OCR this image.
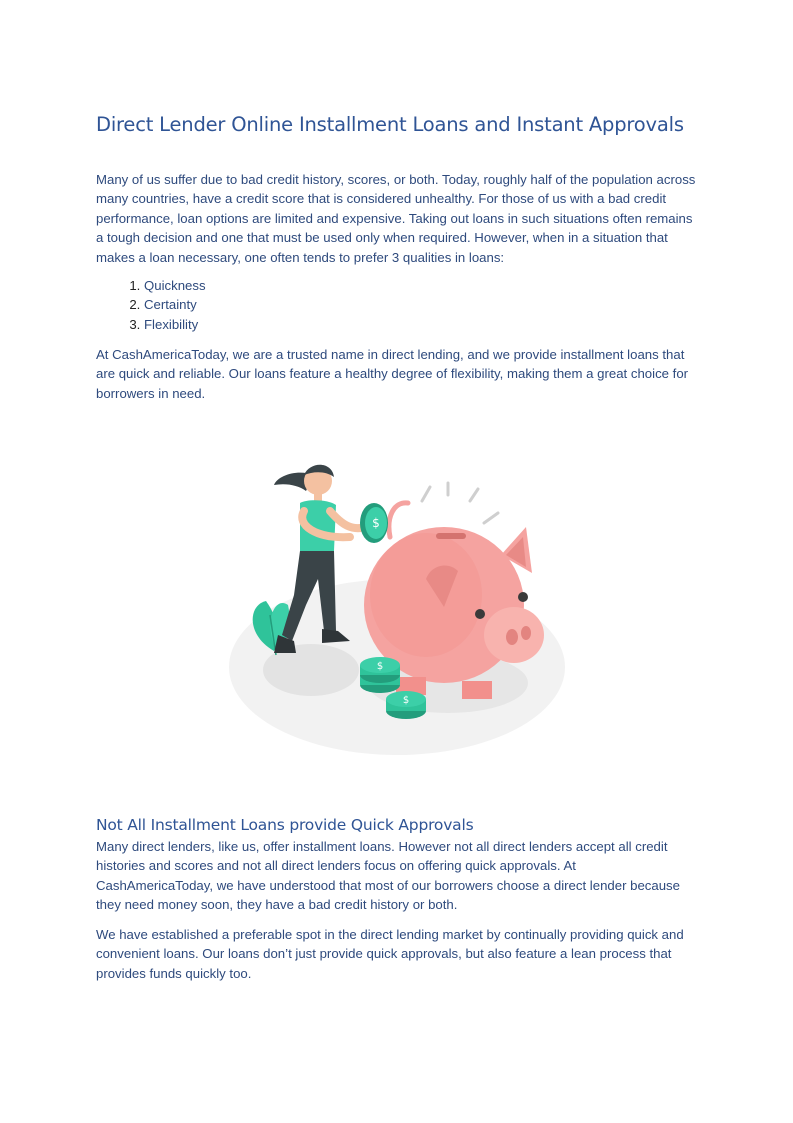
Direct Lender Online Installment Loans and Instant Approvals

Many of us suffer due to bad credit history, scores, or both. Today, roughly half of the population across many countries, have a credit score that is considered unhealthy. For those of us with a bad credit performance, loan options are limited and expensive. Taking out loans in such situations often remains a tough decision and one that must be used only when required. However, when in a situation that makes a loan necessary, one often tends to prefer 3 qualities in loans:

1. Quickness
2. Certainty
3. Flexibility

At CashAmericaToday, we are a trusted name in direct lending, and we provide installment loans that are quick and reliable. Our loans feature a healthy degree of flexibility, making them a great choice for borrowers in need.

Not All Installment Loans provide Quick Approvals

Many direct lenders, like us, offer installment loans. However not all direct lenders accept all credit histories and scores and not all direct lenders focus on offering quick approvals. At CashAmericaToday, we have understood that most of our borrowers choose a direct lender because they need money soon, they have a bad credit history or both.

We have established a preferable spot in the direct lending market by continually providing quick and convenient loans. Our loans don’t just provide quick approvals, but also feature a lean process that provides funds quickly too.

$
$
$
